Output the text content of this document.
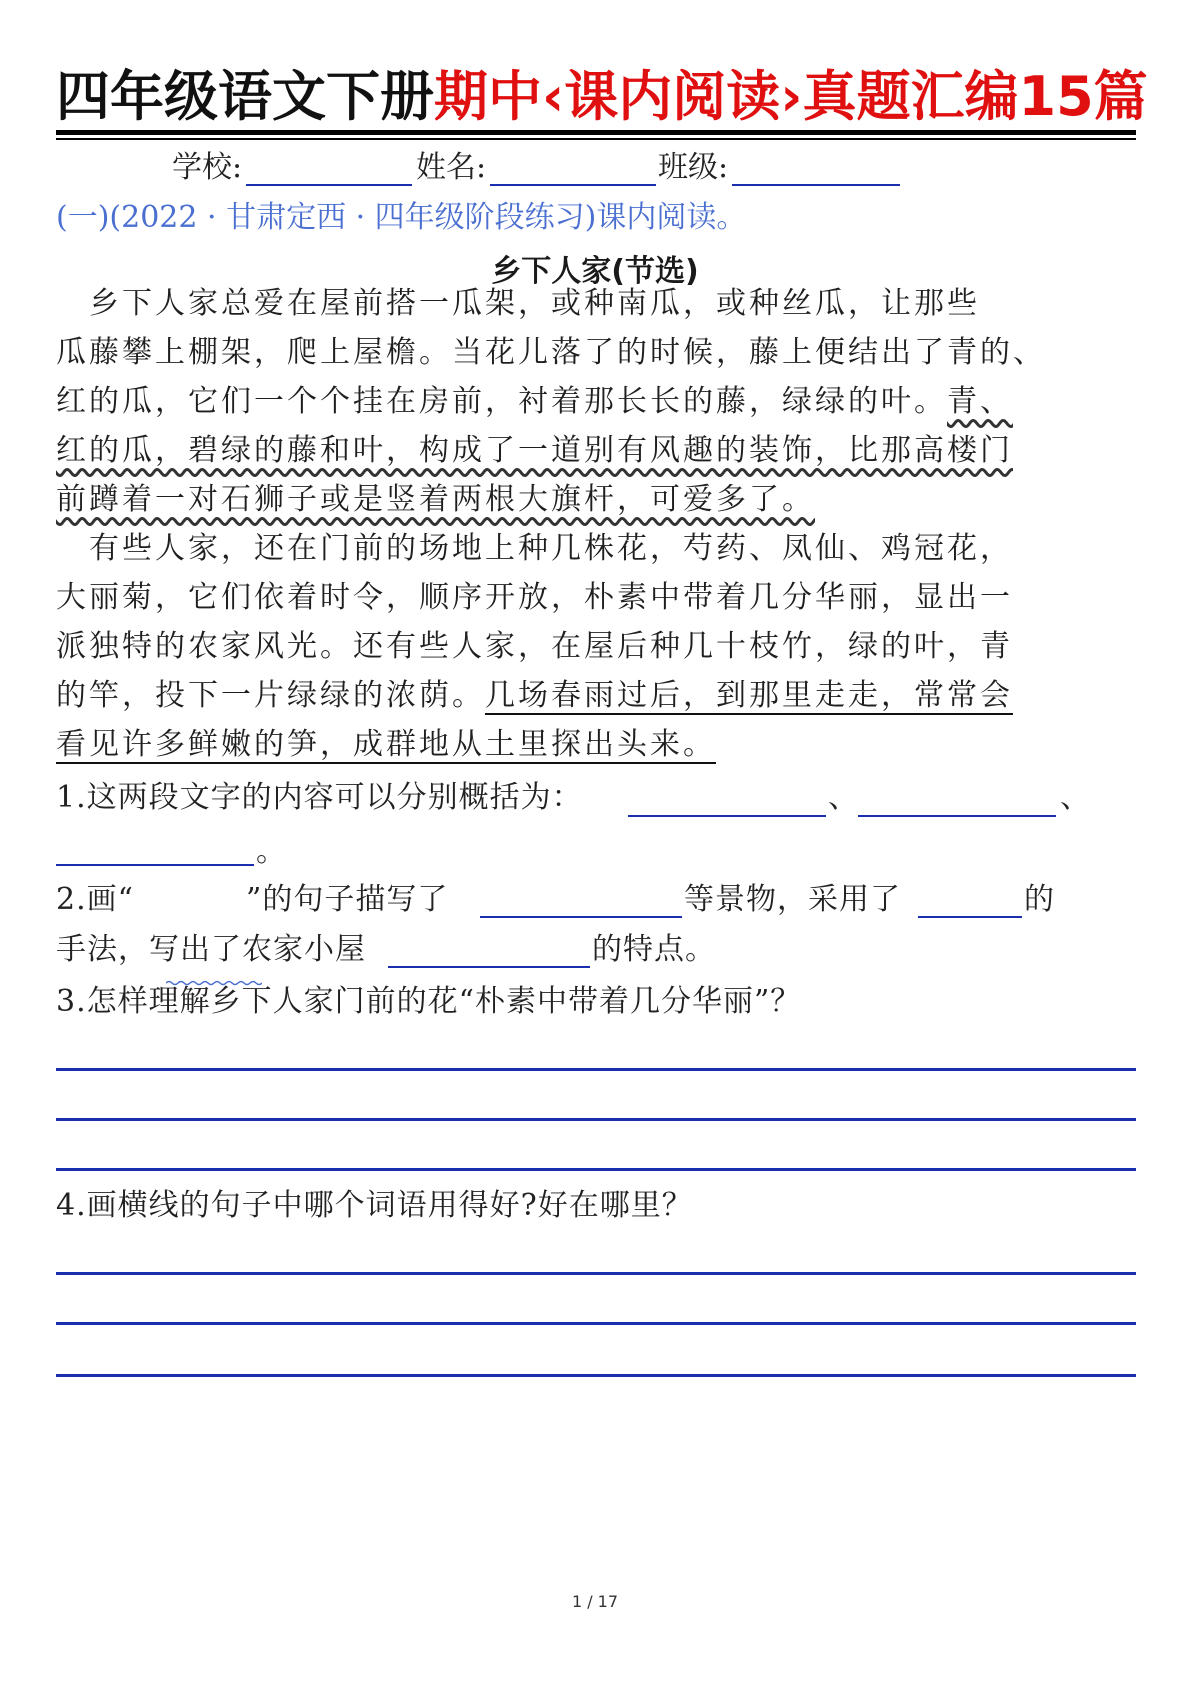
四年级语文下册期中‹课内阅读›真题汇编15篇
学校:	姓名:	班级:
(一)(2022 · 甘肃定西 · 四年级阶段练习)课内阅读。
乡下人家(节选)
　乡下人家总爱在屋前搭一瓜架，或种南瓜，或种丝瓜，让那些
瓜藤攀上棚架，爬上屋檐。当花儿落了的时候，藤上便结出了青的、
红的瓜，它们一个个挂在房前，衬着那长长的藤，绿绿的叶。青、
红的瓜，碧绿的藤和叶，构成了一道别有风趣的装饰，比那高楼门
前蹲着一对石狮子或是竖着两根大旗杆，可爱多了。
　有些人家，还在门前的场地上种几株花，芍药、凤仙、鸡冠花，
大丽菊，它们依着时令，顺序开放，朴素中带着几分华丽，显出一
派独特的农家风光。还有些人家，在屋后种几十枝竹，绿的叶，青
的竿，投下一片绿绿的浓荫。几场春雨过后，到那里走走，常常会
看见许多鲜嫩的笋，成群地从土里探出头来。
1.这两段文字的内容可以分别概括为：	、	、
。
2.画“	”的句子描写了	等景物，采用了	的
手法，写出了农家小屋	的特点。
3.怎样理解乡下人家门前的花“朴素中带着几分华丽”？
4.画横线的句子中哪个词语用得好?好在哪里？
1 / 17
